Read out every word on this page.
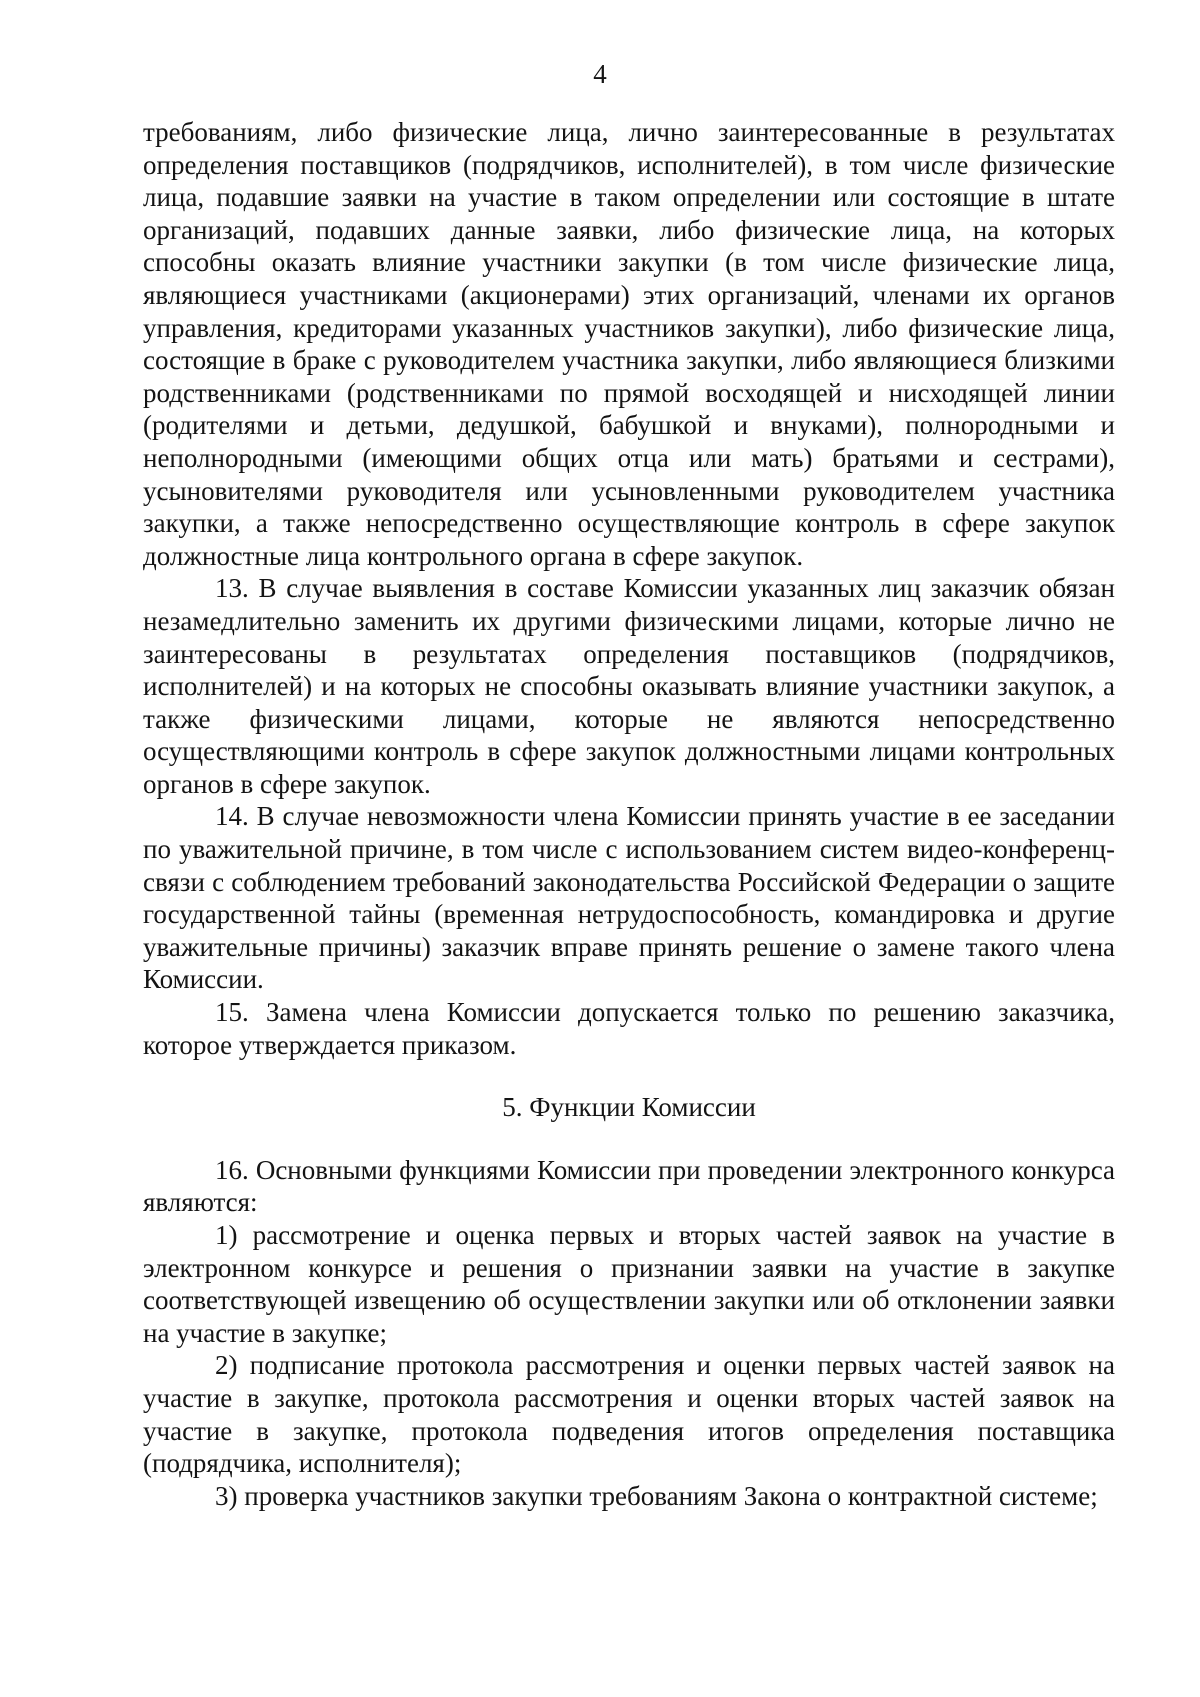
4

требованиям, либо физические лица, лично заинтересованные в результатах определения поставщиков (подрядчиков, исполнителей), в том числе физические лица, подавшие заявки на участие в таком определении или состоящие в штате организаций, подавших данные заявки, либо физические лица, на которых способны оказать влияние участники закупки (в том числе физические лица, являющиеся участниками (акционерами) этих организаций, членами их органов управления, кредиторами указанных участников закупки), либо физические лица, состоящие в браке с руководителем участника закупки, либо являющиеся близкими родственниками (родственниками по прямой восходящей и нисходящей линии (родителями и детьми, дедушкой, бабушкой и внуками), полнородными и неполнородными (имеющими общих отца или мать) братьями и сестрами), усыновителями руководителя или усыновленными руководителем участника закупки, а также непосредственно осуществляющие контроль в сфере закупок должностные лица контрольного органа в сфере закупок.

13. В случае выявления в составе Комиссии указанных лиц заказчик обязан незамедлительно заменить их другими физическими лицами, которые лично не заинтересованы в результатах определения поставщиков (подрядчиков, исполнителей) и на которых не способны оказывать влияние участники закупок, а также физическими лицами, которые не являются непосредственно осуществляющими контроль в сфере закупок должностными лицами контрольных органов в сфере закупок.

14. В случае невозможности члена Комиссии принять участие в ее заседании по уважительной причине, в том числе с использованием систем видео-конференц-связи с соблюдением требований законодательства Российской Федерации о защите государственной тайны (временная нетрудоспособность, командировка и другие уважительные причины) заказчик вправе принять решение о замене такого члена Комиссии.

15. Замена члена Комиссии допускается только по решению заказчика, которое утверждается приказом.

5. Функции Комиссии

16. Основными функциями Комиссии при проведении электронного конкурса являются:

1) рассмотрение и оценка первых и вторых частей заявок на участие в электронном конкурсе и решения о признании заявки на участие в закупке соответствующей извещению об осуществлении закупки или об отклонении заявки на участие в закупке;

2) подписание протокола рассмотрения и оценки первых частей заявок на участие в закупке, протокола рассмотрения и оценки вторых частей заявок на участие в закупке, протокола подведения итогов определения поставщика (подрядчика, исполнителя);

3) проверка участников закупки требованиям Закона о контрактной системе;
